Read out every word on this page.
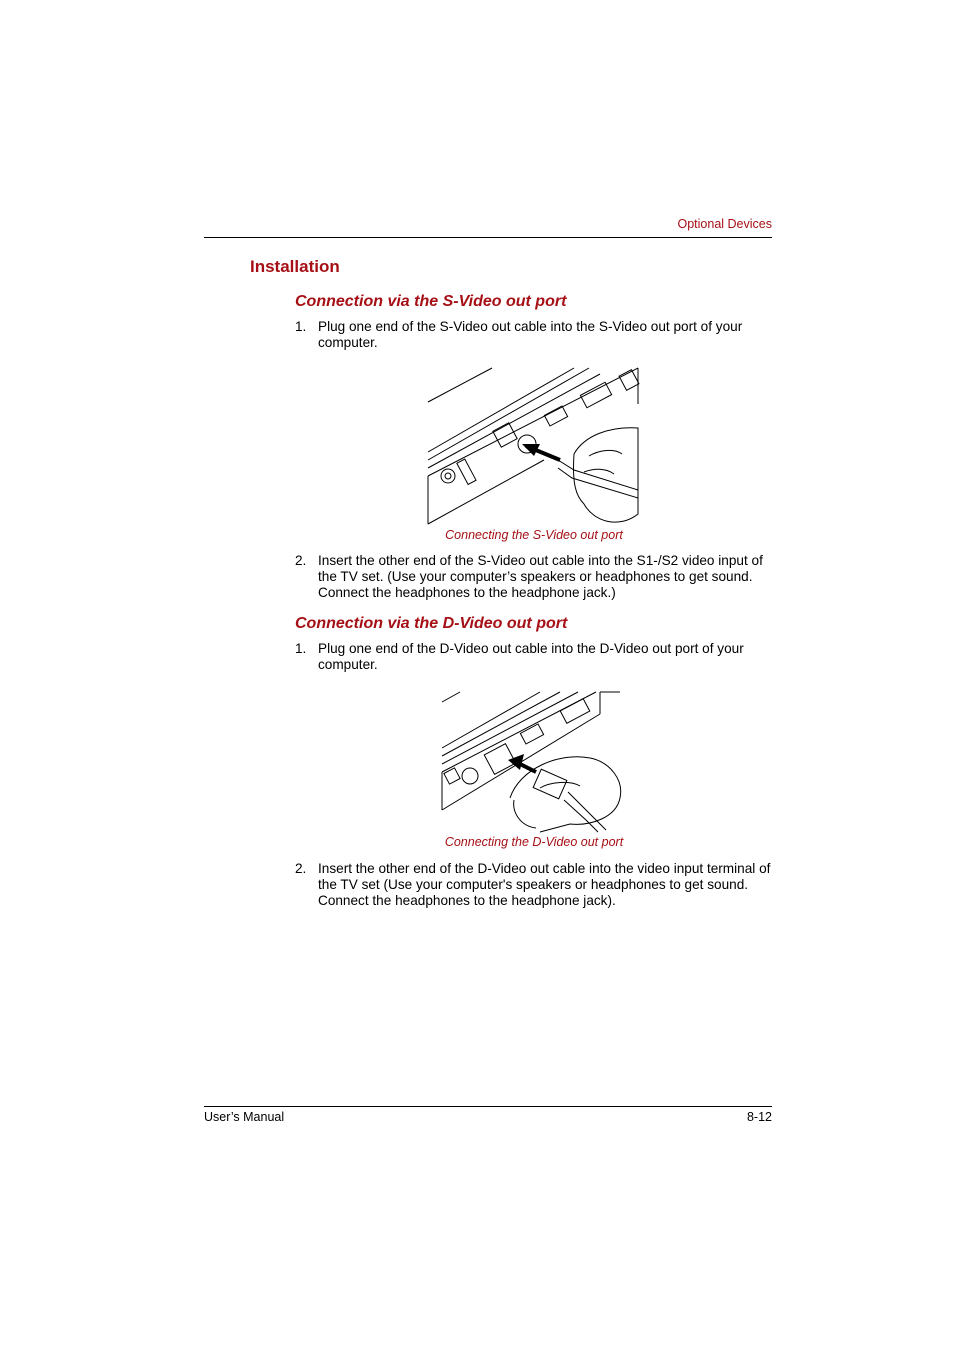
Optional Devices
Installation
Connection via the S-Video out port
1. Plug one end of the S-Video out cable into the S-Video out port of your computer.
Connecting the S-Video out port
2. Insert the other end of the S-Video out cable into the S1-/S2 video input of the TV set. (Use your computer’s speakers or headphones to get sound. Connect the headphones to the headphone jack.)
Connection via the D-Video out port
1. Plug one end of the D-Video out cable into the D-Video out port of your computer.
Connecting the D-Video out port
2. Insert the other end of the D-Video out cable into the video input terminal of the TV set (Use your computer's speakers or headphones to get sound. Connect the headphones to the headphone jack).
User’s Manual	8-12
